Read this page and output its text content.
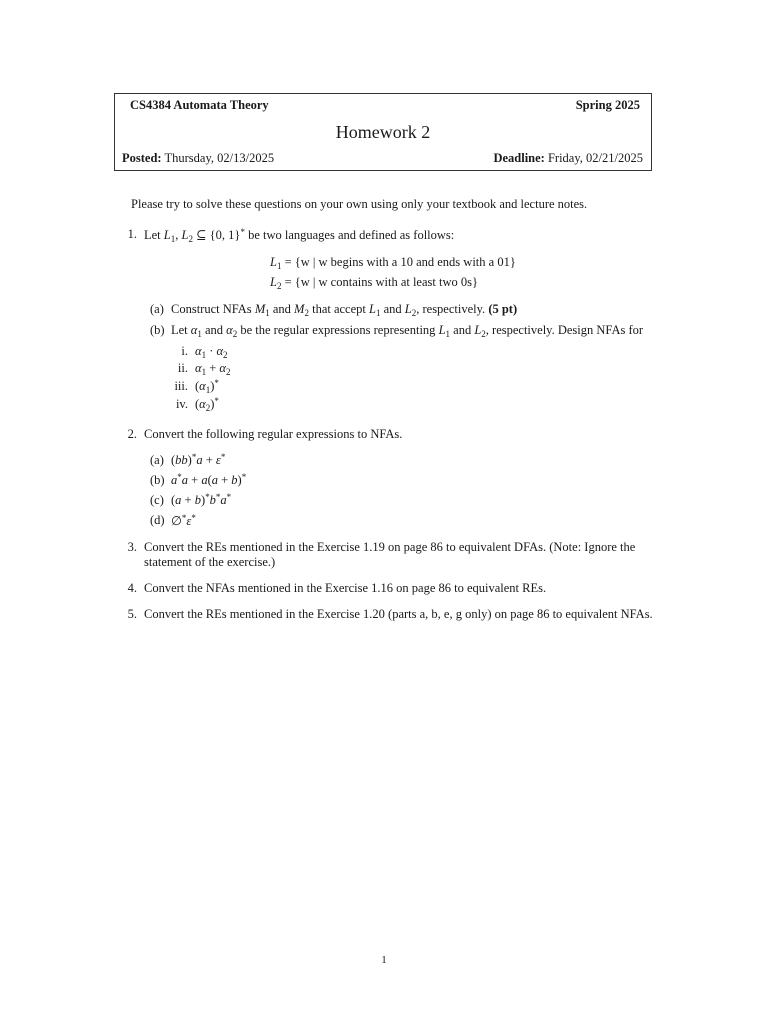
CS4384 Automata Theory	Spring 2025
Homework 2
Posted: Thursday, 02/13/2025	Deadline: Friday, 02/21/2025
Please try to solve these questions on your own using only your textbook and lecture notes.
1. Let $L_1$, $L_2$ ⊆ {0, 1}* be two languages and defined as follows:
$L_1 = \{w$ | w begins with a 10 and ends with a 01}
$L_2 = \{w$ | w contains with at least two 0s}
(a) Construct NFAs $M_1$ and $M_2$ that accept $L_1$ and $L_2$, respectively. (5 pt)
(b) Let $\alpha_1$ and $\alpha_2$ be the regular expressions representing $L_1$ and $L_2$, respectively. Design NFAs for
i. $\alpha_1 \cdot \alpha_2$
ii. $\alpha_1 + \alpha_2$
iii. $(\alpha_1)^*$
iv. $(\alpha_2)^*$
2. Convert the following regular expressions to NFAs.
(a) (bb)*a + ε*
(b) a*a + a(a + b)*
(c) (a + b)*b*a*
(d) ∅*ε*
3. Convert the REs mentioned in the Exercise 1.19 on page 86 to equivalent DFAs. (Note: Ignore the
statement of the exercise.)
4. Convert the NFAs mentioned in the Exercise 1.16 on page 86 to equivalent REs.
5. Convert the REs mentioned in the Exercise 1.20 (parts a, b, e, g only) on page 86 to equivalent NFAs.
1
